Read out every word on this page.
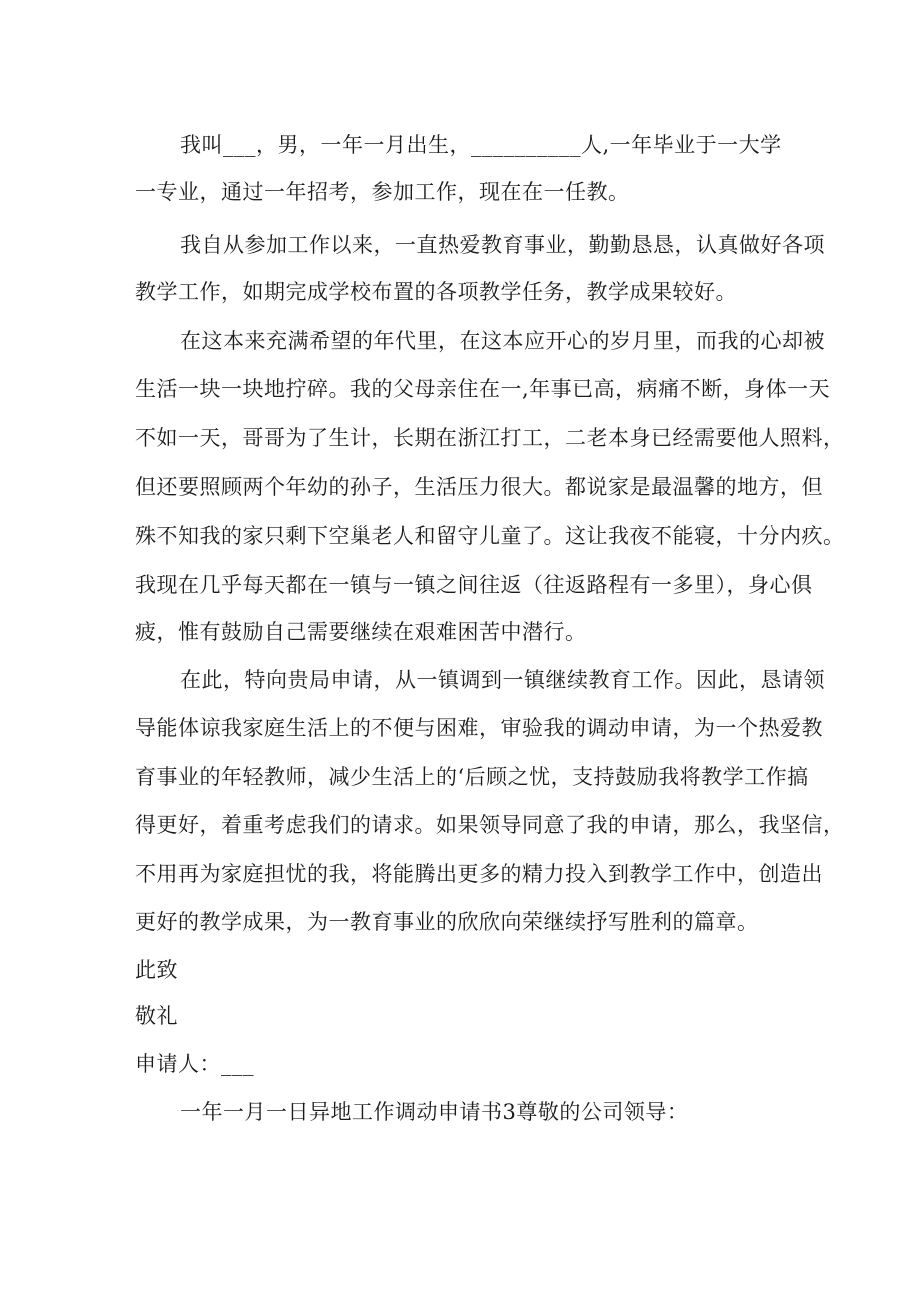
我叫___，男，一年一月出生，__________人,一年毕业于一大学
一专业，通过一年招考，参加工作，现在在一任教。
我自从参加工作以来，一直热爱教育事业，勤勤恳恳，认真做好各项
教学工作，如期完成学校布置的各项教学任务，教学成果较好。
在这本来充满希望的年代里，在这本应开心的岁月里，而我的心却被
生活一块一块地拧碎。我的父母亲住在一,年事已高，病痛不断，身体一天
不如一天，哥哥为了生计，长期在浙江打工，二老本身已经需要他人照料，
但还要照顾两个年幼的孙子，生活压力很大。都说家是最温馨的地方，但
殊不知我的家只剩下空巢老人和留守儿童了。这让我夜不能寝，十分内疚。
我现在几乎每天都在一镇与一镇之间往返（往返路程有一多里），身心俱
疲，惟有鼓励自己需要继续在艰难困苦中潜行。
在此，特向贵局申请，从一镇调到一镇继续教育工作。因此，恳请领
导能体谅我家庭生活上的不便与困难，审验我的调动申请，为一个热爱教
育事业的年轻教师，减少生活上的‘后顾之忧，支持鼓励我将教学工作搞
得更好，着重考虑我们的请求。如果领导同意了我的申请，那么，我坚信，
不用再为家庭担忧的我，将能腾出更多的精力投入到教学工作中，创造出
更好的教学成果，为一教育事业的欣欣向荣继续抒写胜利的篇章。
此致
敬礼
申请人：___
一年一月一日异地工作调动申请书3尊敬的公司领导：
